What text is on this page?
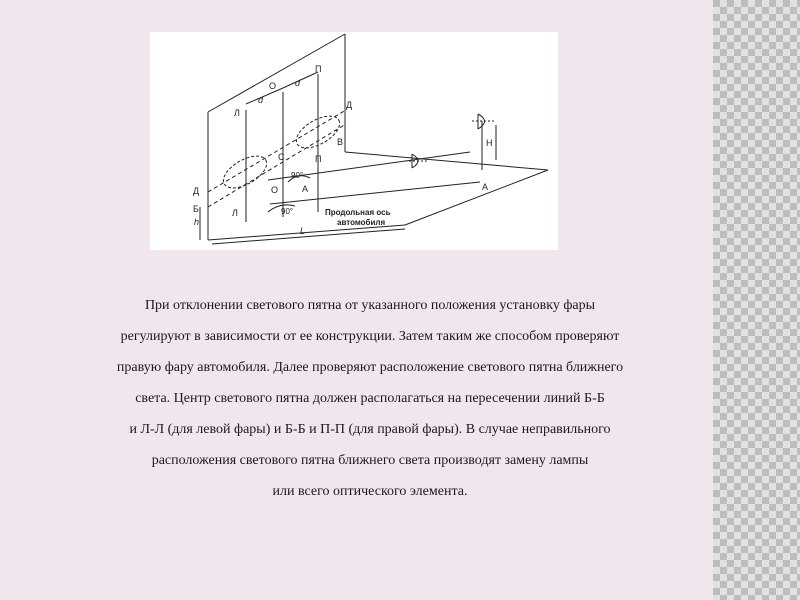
П
О
d
d
Л
Д
В
С	П
90°
О	А
Д
Б
h
Л	90°	Продольная ось
автомобиля
L
H
А
При отклонении светового пятна от указанного положения установку фары
регулируют в зависимости от ее конструкции. Затем таким же способом проверяют
правую фару автомобиля. Далее проверяют расположение светового пятна ближнего
света. Центр светового пятна должен располагаться на пересечении линий Б-Б
и Л-Л (для левой фары) и Б-Б и П-П (для правой фары). В случае неправильного
расположения светового пятна ближнего света производят замену лампы
или всего оптического элемента.
